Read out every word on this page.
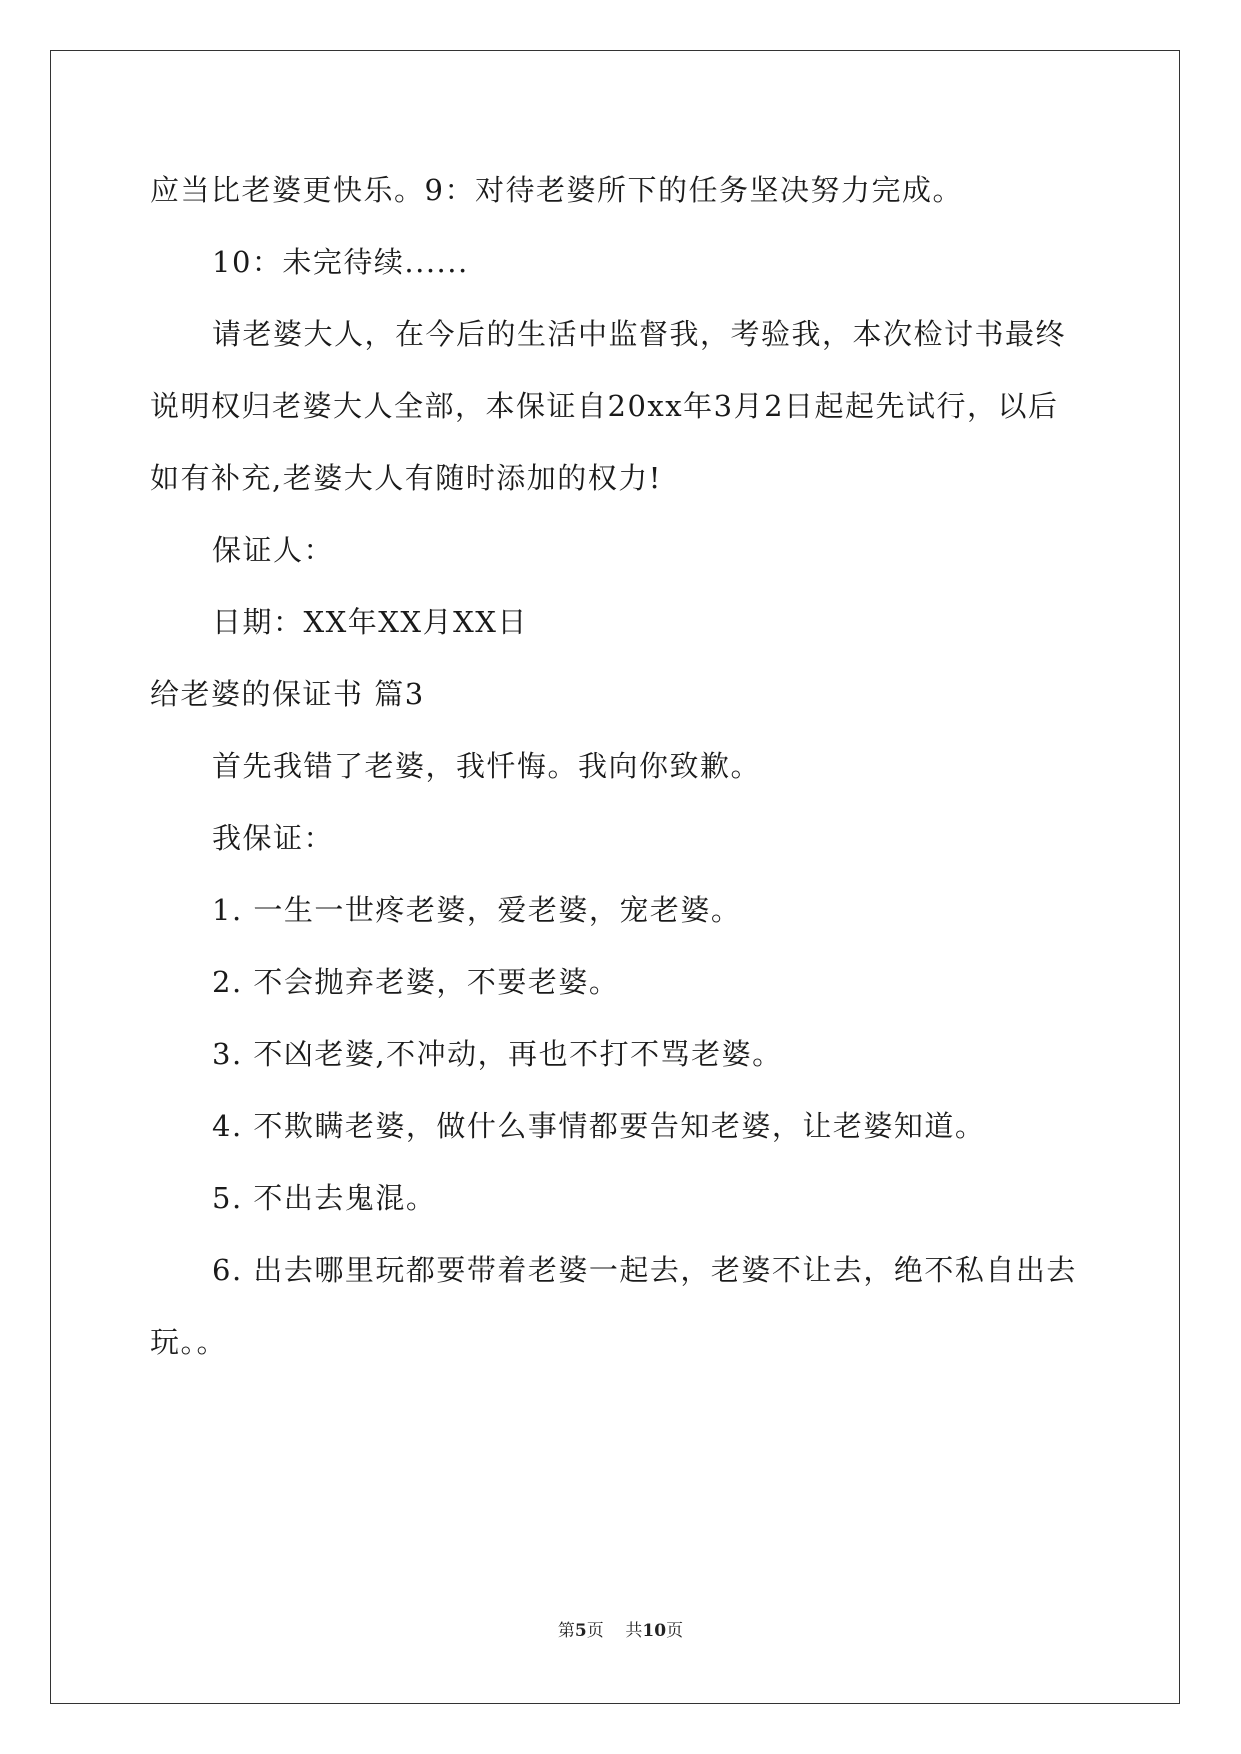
应当比老婆更快乐。9：对待老婆所下的任务坚决努力完成。
10：未完待续......
请老婆大人，在今后的生活中监督我，考验我，本次检讨书最终
说明权归老婆大人全部，本保证自20xx年3月2日起起先试行，以后
如有补充,老婆大人有随时添加的权力!
保证人：
日期：XX年XX月XX日
给老婆的保证书 篇3
首先我错了老婆，我忏悔。我向你致歉。
我保证：
1. 一生一世疼老婆，爱老婆，宠老婆。
2. 不会抛弃老婆，不要老婆。
3. 不凶老婆,不冲动，再也不打不骂老婆。
4. 不欺瞒老婆，做什么事情都要告知老婆，让老婆知道。
5. 不出去鬼混。
6. 出去哪里玩都要带着老婆一起去，老婆不让去，绝不私自出去
玩。。
第5页 共10页
